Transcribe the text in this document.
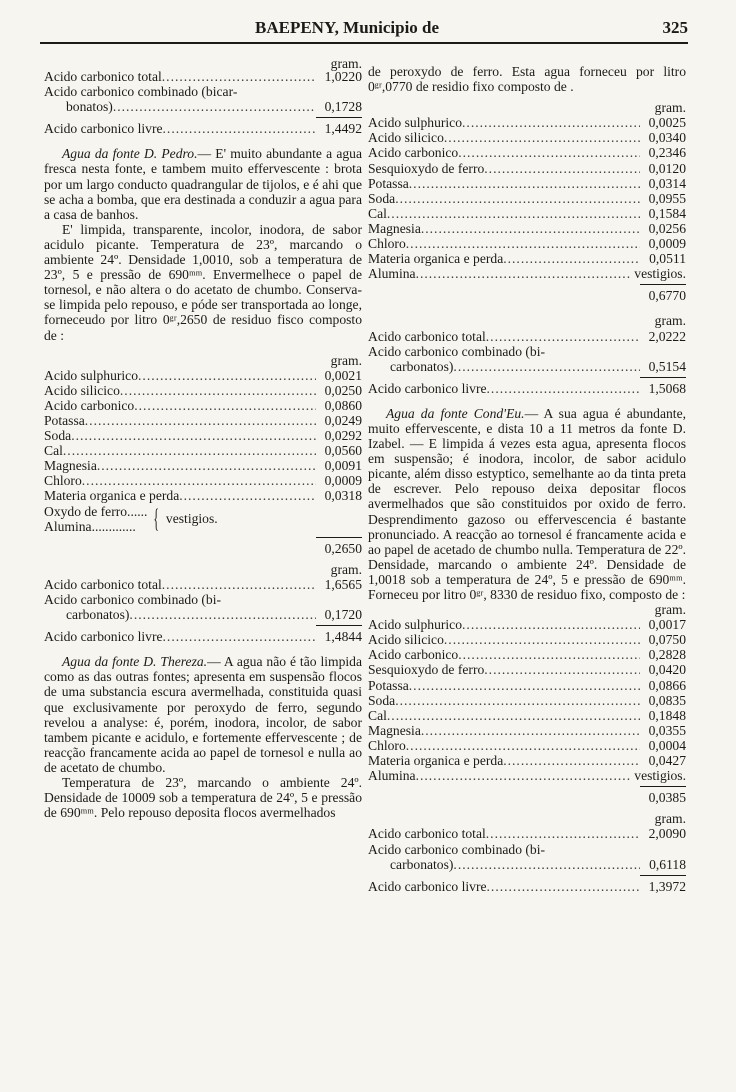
BAEPENY, Municipio de	325
gram.
Acido carbonico total .....	1,0220
Acido carbonico combinado (bicar-
bonatos) .....	0,1728
Acido carbonico livre .....	1,4492

Agua da fonte D. Pedro.— E' muito abundante a agua fresca nesta fonte, e tambem muito effervescente : brota por um largo conducto quadrangular de tijolos, e é ahi que se acha a bomba, que era destinada a conduzir a agua para a casa de banhos.

E' limpida, transparente, incolor, inodora, de sabor acidulo picante. Temperatura de 23º, marcando o ambiente 24º. Densidade 1,0010, sob a temperatura de 23º, 5 e pressão de 690ᵐᵐ. Envermelhece o papel de tornesol, e não altera o do acetato de chumbo. Conserva-se limpida pelo repouso, e póde ser transportada ao longe, forneceudo por litro 0ᵍʳ,2650 de residuo fisco composto de :

gram.
Acido sulphurico .....	0,0021
Acido silicico .....	0,0250
Acido carbonico .....	0,0860
Potassa .....	0,0249
Soda .....	0,0292
Cal .....	0,0560
Magnesia .....	0,0091
Chloro .....	0,0009
Materia organica e perda .....	0,0318
Oxydo de ferro......
Alumina............. { vestigios.
0,2650
gram.
Acido carbonico total .....	1,6565
Acido carbonico combinado (bi-
carbonatos) .....	0,1720
Acido carbonico livre .....	1,4844

Agua da fonte D. Thereza.— A agua não é tão limpida como as das outras fontes; apresenta em suspensão flocos de uma substancia escura avermelhada, constituida quasi que exclusivamente por peroxydo de ferro, segundo revelou a analyse: é, porém, inodora, incolor, de sabor tambem picante e acidulo, e fortemente effervescente ; de reacção francamente acida ao papel de tornesol e nulla ao de acetato de chumbo.

Temperatura de 23º, marcando o ambiente 24º. Densidade de 10009 sob a temperatura de 24º, 5 e pressão de 690ᵐᵐ. Pelo repouso deposita flocos avermelhados

de peroxydo de ferro. Esta agua forneceu por litro 0ᵍʳ,0770 de residio fixo composto de .

gram.
Acido sulphurico .....	0,0025
Acido silicico .....	0,0340
Acido carbonico .....	0,2346
Sesquioxydo de ferro .....	0,0120
Potassa .....	0,0314
Soda .....	0,0955
Cal .....	0,1584
Magnesia .....	0,0256
Chloro .....	0,0009
Materia organica e perda .....	0,0511
Alumina .....	vestigios.
0,6770
gram.
Acido carbonico total .....	2,0222
Acido carbonico combinado (bi-
carbonatos) .....	0,5154
Acido carbonico livre .....	1,5068

Agua da fonte Cond'Eu.— A sua agua é abundante, muito effervescente, e dista 10 a 11 metros da fonte D. Izabel. — E limpida á vezes esta agua, apresenta flocos em suspensão; é inodora, incolor, de sabor acidulo picante, além disso estyptico, semelhante ao da tinta preta de escrever. Pelo repouso deixa depositar flocos avermelhados que são constituidos por oxido de ferro. Desprendimento gazoso ou effervescencia é bastante pronunciado. A reacção ao tornesol é francamente acida e ao papel de acetado de chumbo nulla. Temperatura de 22º. Densidade, marcando o ambiente 24º. Densidade de 1,0018 sob a temperatura de 24º, 5 e pressão de 690ᵐᵐ. Forneceu por litro 0ᵍʳ, 8330 de residuo fixo, composto de :

gram.
Acido sulphurico .....	0,0017
Acido silicico .....	0,0750
Acido carbonico .....	0,2828
Sesquioxydo de ferro .....	0,0420
Potassa .....	0,0866
Soda .....	0,0835
Cal .....	0,1848
Magnesia .....	0,0355
Chloro .....	0,0004
Materia organica e perda .....	0,0427
Alumina .....	vestigios.
0,0385
gram.
Acido carbonico total .....	2,0090
Acido carbonico combinado (bi-
carbonatos) .....	0,6118
Acido carbonico livre .....	1,3972
